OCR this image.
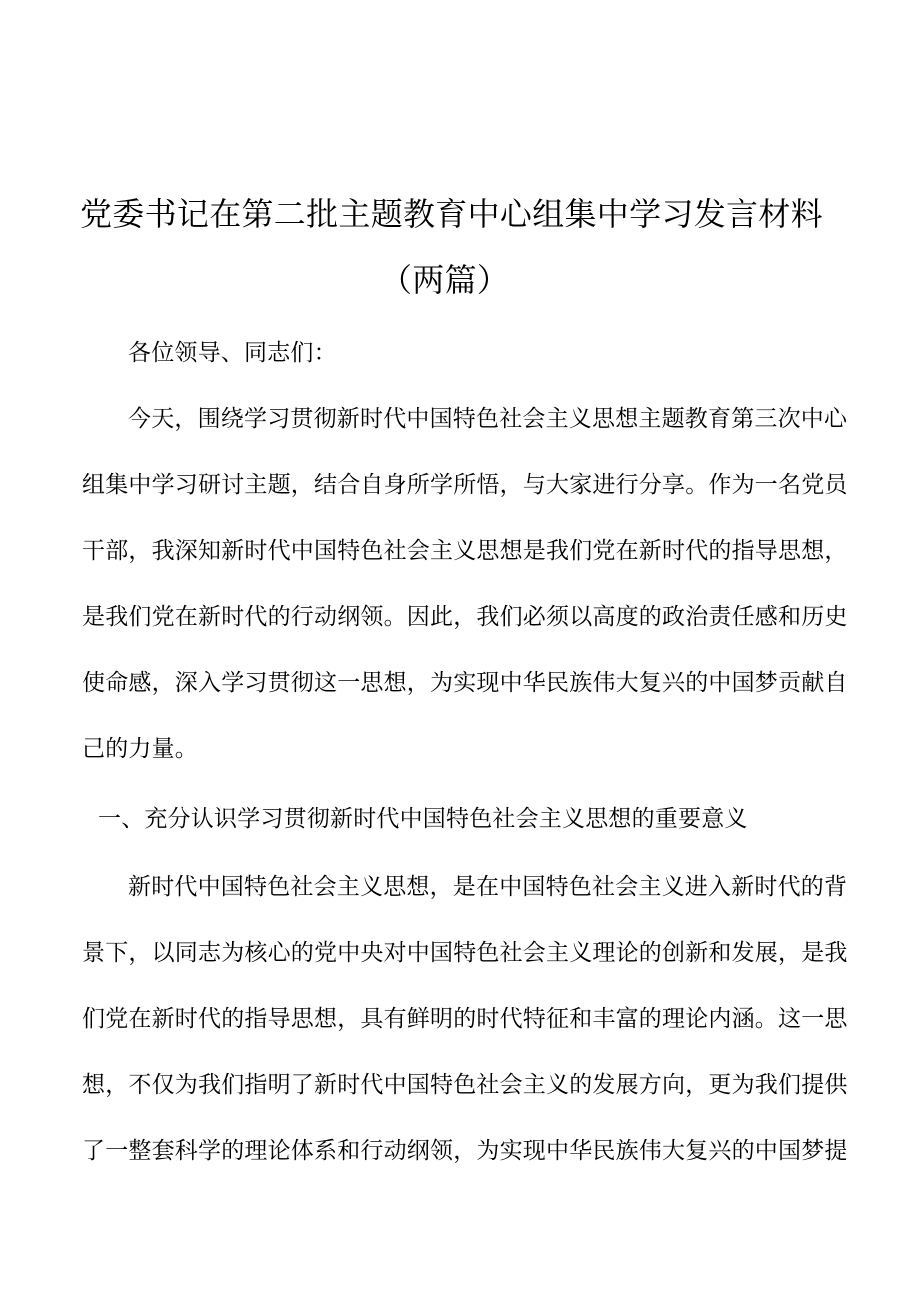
党委书记在第二批主题教育中心组集中学习发言材料
（两篇）
各位领导、同志们：
今天，围绕学习贯彻新时代中国特色社会主义思想主题教育第三次中心
组集中学习研讨主题，结合自身所学所悟，与大家进行分享。作为一名党员
干部，我深知新时代中国特色社会主义思想是我们党在新时代的指导思想，
是我们党在新时代的行动纲领。因此，我们必须以高度的政治责任感和历史
使命感，深入学习贯彻这一思想，为实现中华民族伟大复兴的中国梦贡献自
己的力量。
一、充分认识学习贯彻新时代中国特色社会主义思想的重要意义
新时代中国特色社会主义思想，是在中国特色社会主义进入新时代的背
景下，以同志为核心的党中央对中国特色社会主义理论的创新和发展，是我
们党在新时代的指导思想，具有鲜明的时代特征和丰富的理论内涵。这一思
想，不仅为我们指明了新时代中国特色社会主义的发展方向，更为我们提供
了一整套科学的理论体系和行动纲领，为实现中华民族伟大复兴的中国梦提
